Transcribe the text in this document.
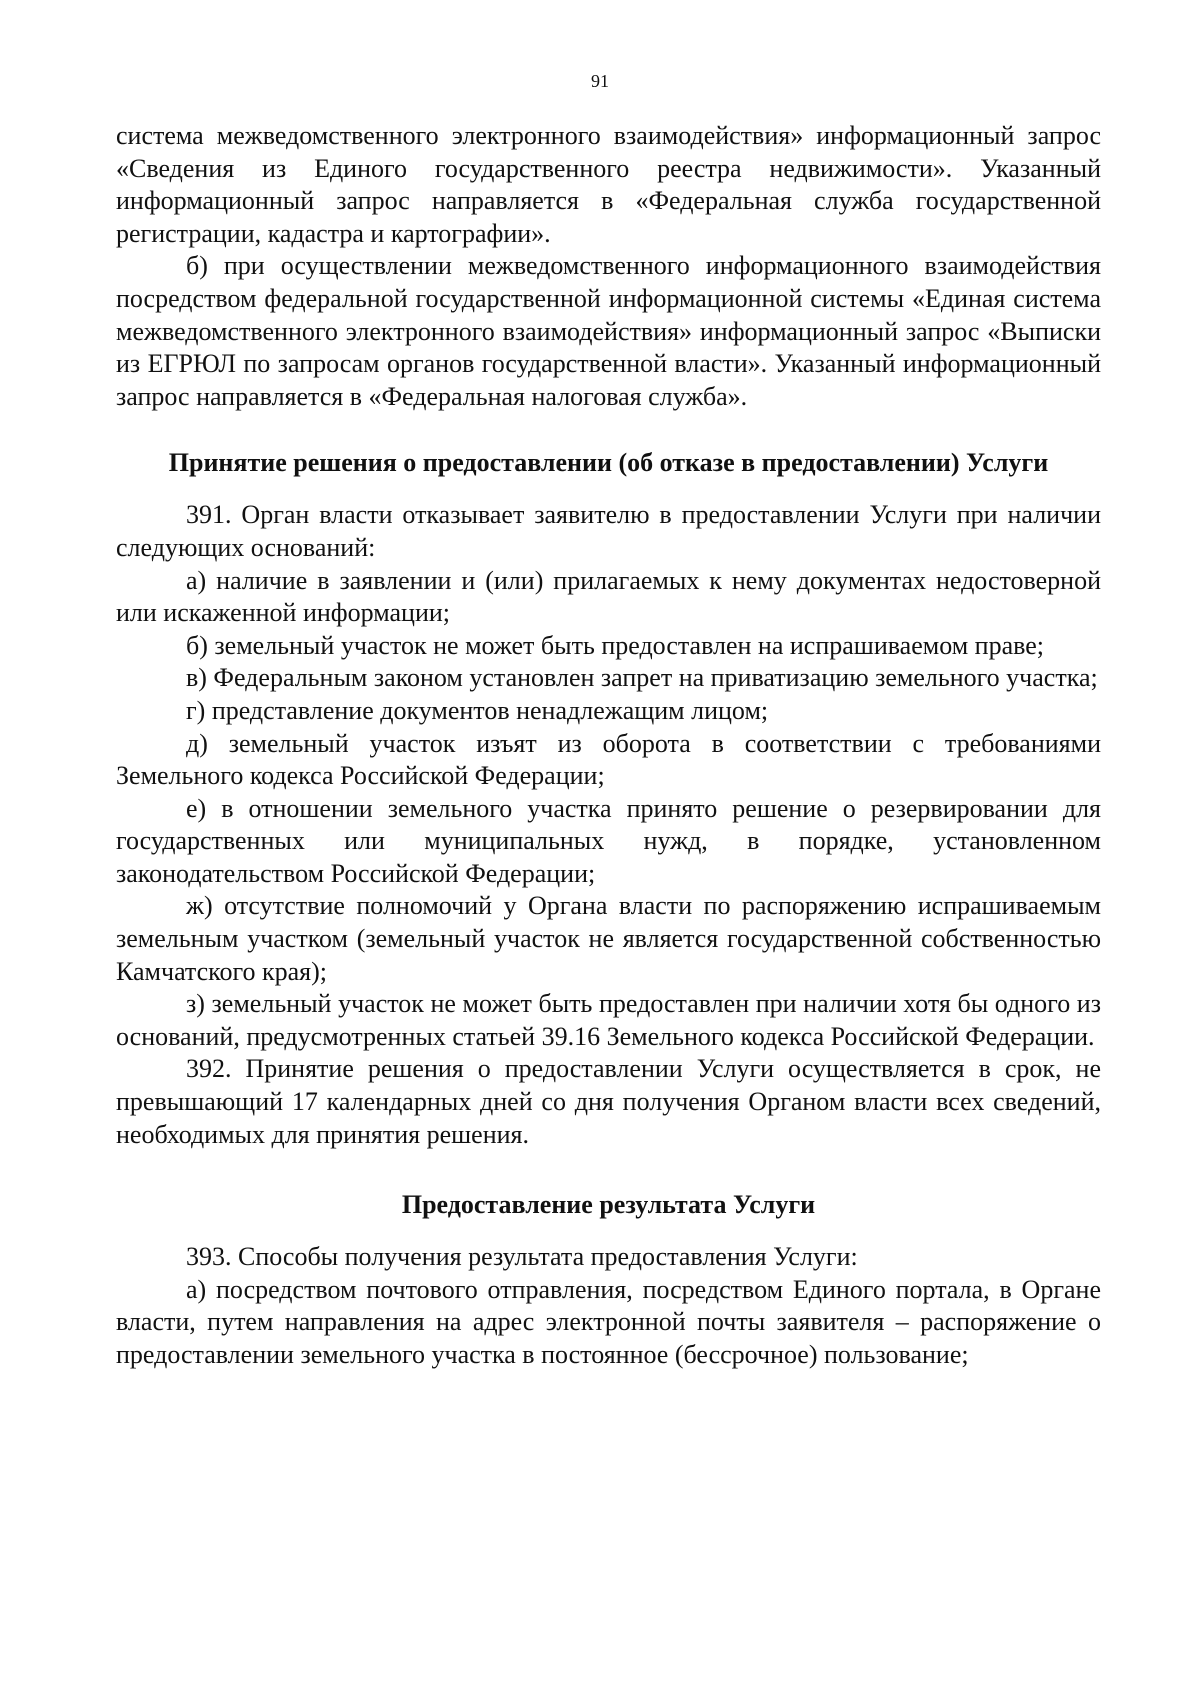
91

система межведомственного электронного взаимодействия» информационный запрос «Сведения из Единого государственного реестра недвижимости». Указанный информационный запрос направляется в «Федеральная служба государственной регистрации, кадастра и картографии».

б) при осуществлении межведомственного информационного взаимодействия посредством федеральной государственной информационной системы «Единая система межведомственного электронного взаимодействия» информационный запрос «Выписки из ЕГРЮЛ по запросам органов государственной власти». Указанный информационный запрос направляется в «Федеральная налоговая служба».

Принятие решения о предоставлении (об отказе в предоставлении) Услуги

391. Орган власти отказывает заявителю в предоставлении Услуги при наличии следующих оснований:

а) наличие в заявлении и (или) прилагаемых к нему документах недостоверной или искаженной информации;

б) земельный участок не может быть предоставлен на испрашиваемом праве;

в) Федеральным законом установлен запрет на приватизацию земельного участка;

г) представление документов ненадлежащим лицом;

д) земельный участок изъят из оборота в соответствии с требованиями Земельного кодекса Российской Федерации;

е) в отношении земельного участка принято решение о резервировании для государственных или муниципальных нужд, в порядке, установленном законодательством Российской Федерации;

ж) отсутствие полномочий у Органа власти по распоряжению испрашиваемым земельным участком (земельный участок не является государственной собственностью Камчатского края);

з) земельный участок не может быть предоставлен при наличии хотя бы одного из оснований, предусмотренных статьей 39.16 Земельного кодекса Российской Федерации.

392. Принятие решения о предоставлении Услуги осуществляется в срок, не превышающий 17 календарных дней со дня получения Органом власти всех сведений, необходимых для принятия решения.

Предоставление результата Услуги

393. Способы получения результата предоставления Услуги:

а) посредством почтового отправления, посредством Единого портала, в Органе власти, путем направления на адрес электронной почты заявителя – распоряжение о предоставлении земельного участка в постоянное (бессрочное) пользование;
